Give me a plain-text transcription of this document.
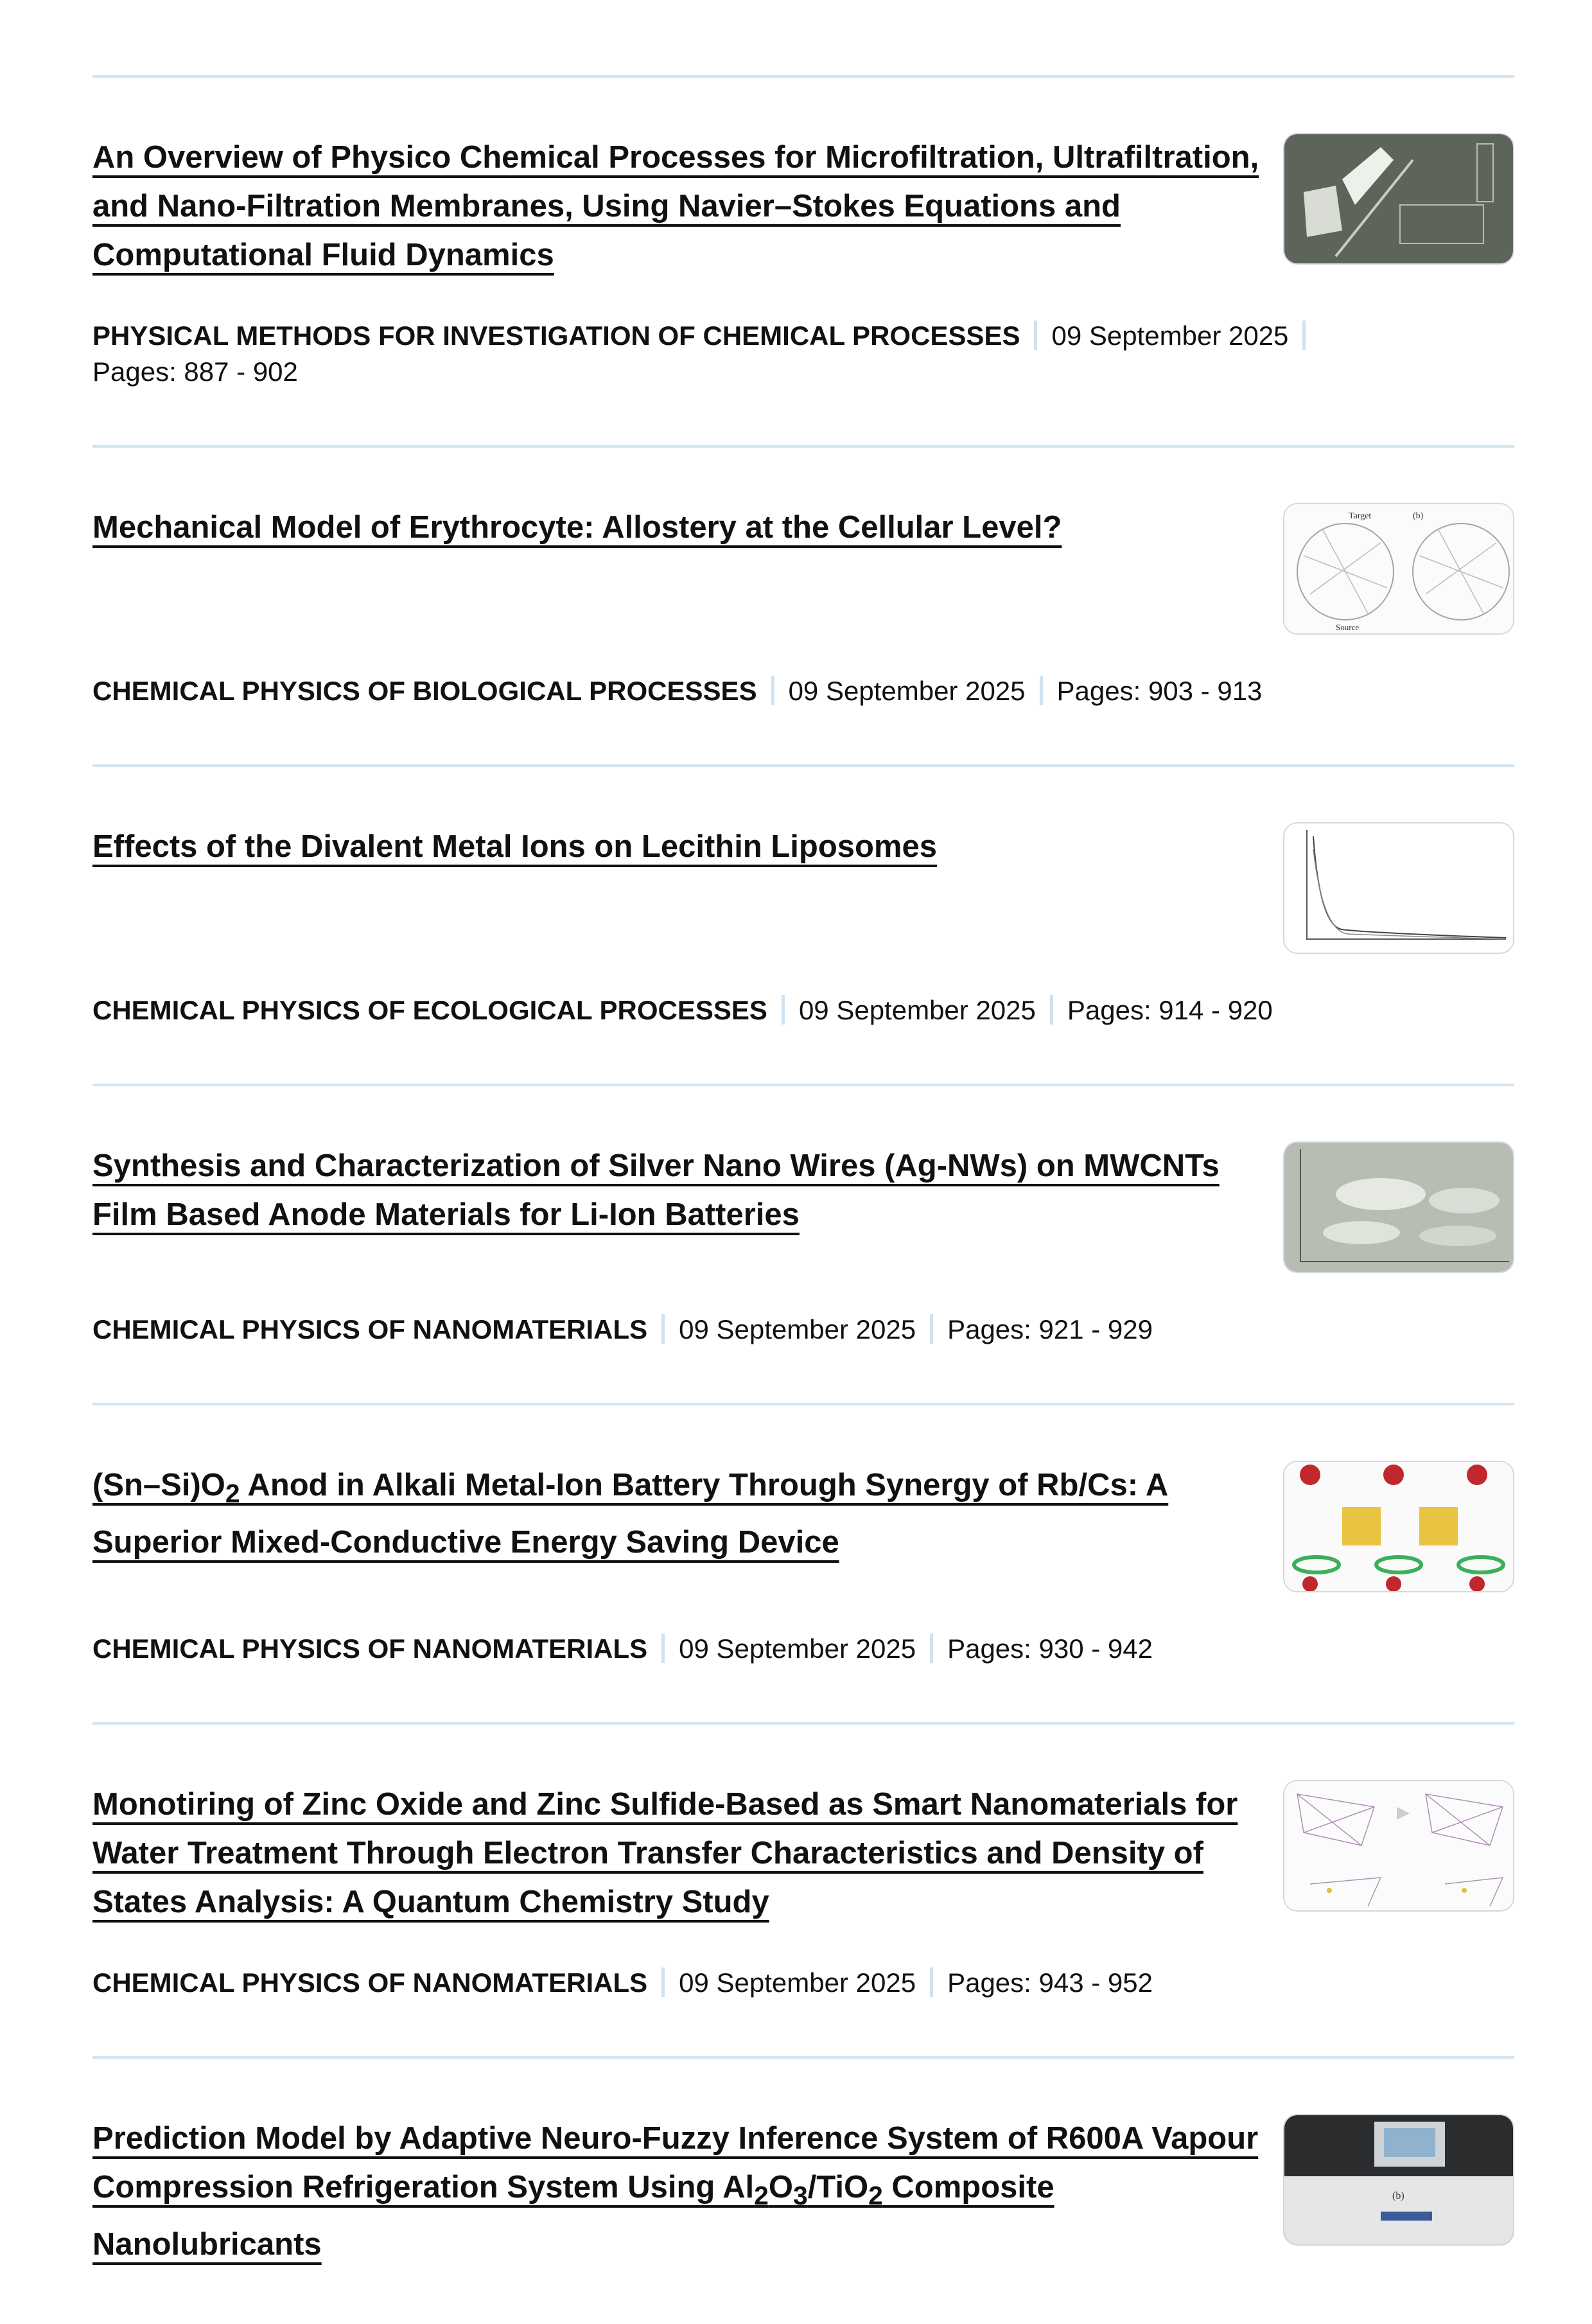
An Overview of Physico Chemical Processes for Microfiltration, Ultrafiltration, and Nano-Filtration Membranes, Using Navier–Stokes Equations and Computational Fluid Dynamics
PHYSICAL METHODS FOR INVESTIGATION OF CHEMICAL PROCESSES 09 September 2025
Pages: 887 - 902
Mechanical Model of Erythrocyte: Allostery at the Cellular Level?	Target	(b)
Source
CHEMICAL PHYSICS OF BIOLOGICAL PROCESSES 09 September 2025 Pages: 903 - 913
Effects of the Divalent Metal Ions on Lecithin Liposomes
CHEMICAL PHYSICS OF ECOLOGICAL PROCESSES 09 September 2025 Pages: 914 - 920
Synthesis and Characterization of Silver Nano Wires (Ag-NWs) on MWCNTs Film Based Anode Materials for Li-Ion Batteries
CHEMICAL PHYSICS OF NANOMATERIALS 09 September 2025 Pages: 921 - 929
$(Sn-Si)O_2$ Anod in Alkali Metal-Ion Battery Through Synergy of Rb/Cs: A Superior Mixed-Conductive Energy Saving Device
CHEMICAL PHYSICS OF NANOMATERIALS 09 September 2025 Pages: 930 - 942
Monotiring of Zinc Oxide and Zinc Sulfide-Based as Smart Nanomaterials for Water Treatment Through Electron Transfer Characteristics and Density of States Analysis: A Quantum Chemistry Study
CHEMICAL PHYSICS OF NANOMATERIALS 09 September 2025 Pages: 943 - 952
Prediction Model by Adaptive Neuro-Fuzzy Inference System of R600A Vapour Compression Refrigeration System Using $Al_2O_3/TiO_2$ Composite Nanolubricants
(b)
